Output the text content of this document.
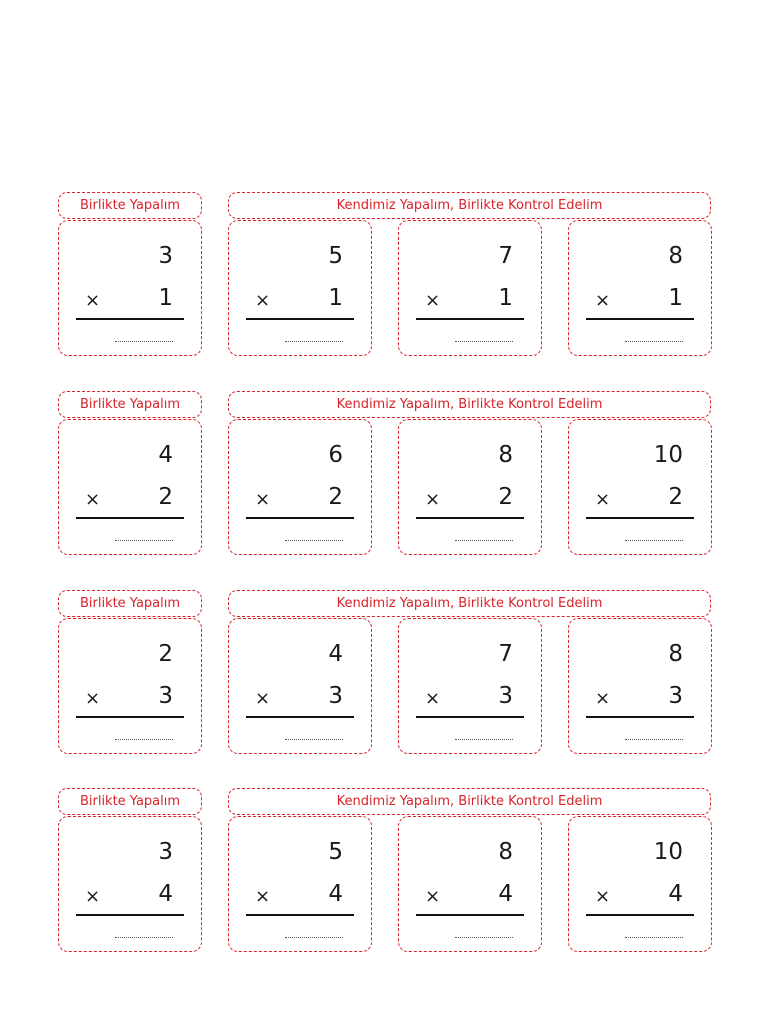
Birlikte Yapalım	Kendimiz Yapalım, Birlikte Kontrol Edelim
3
×	1
5
×	1
7
×	1
8
×	1
Birlikte Yapalım	Kendimiz Yapalım, Birlikte Kontrol Edelim
4
×	2
6
×	2
8
×	2
10
×	2
Birlikte Yapalım	Kendimiz Yapalım, Birlikte Kontrol Edelim
2
×	3
4
×	3
7
×	3
8
×	3
Birlikte Yapalım	Kendimiz Yapalım, Birlikte Kontrol Edelim
3
×	4
5
×	4
8
×	4
10
×	4
